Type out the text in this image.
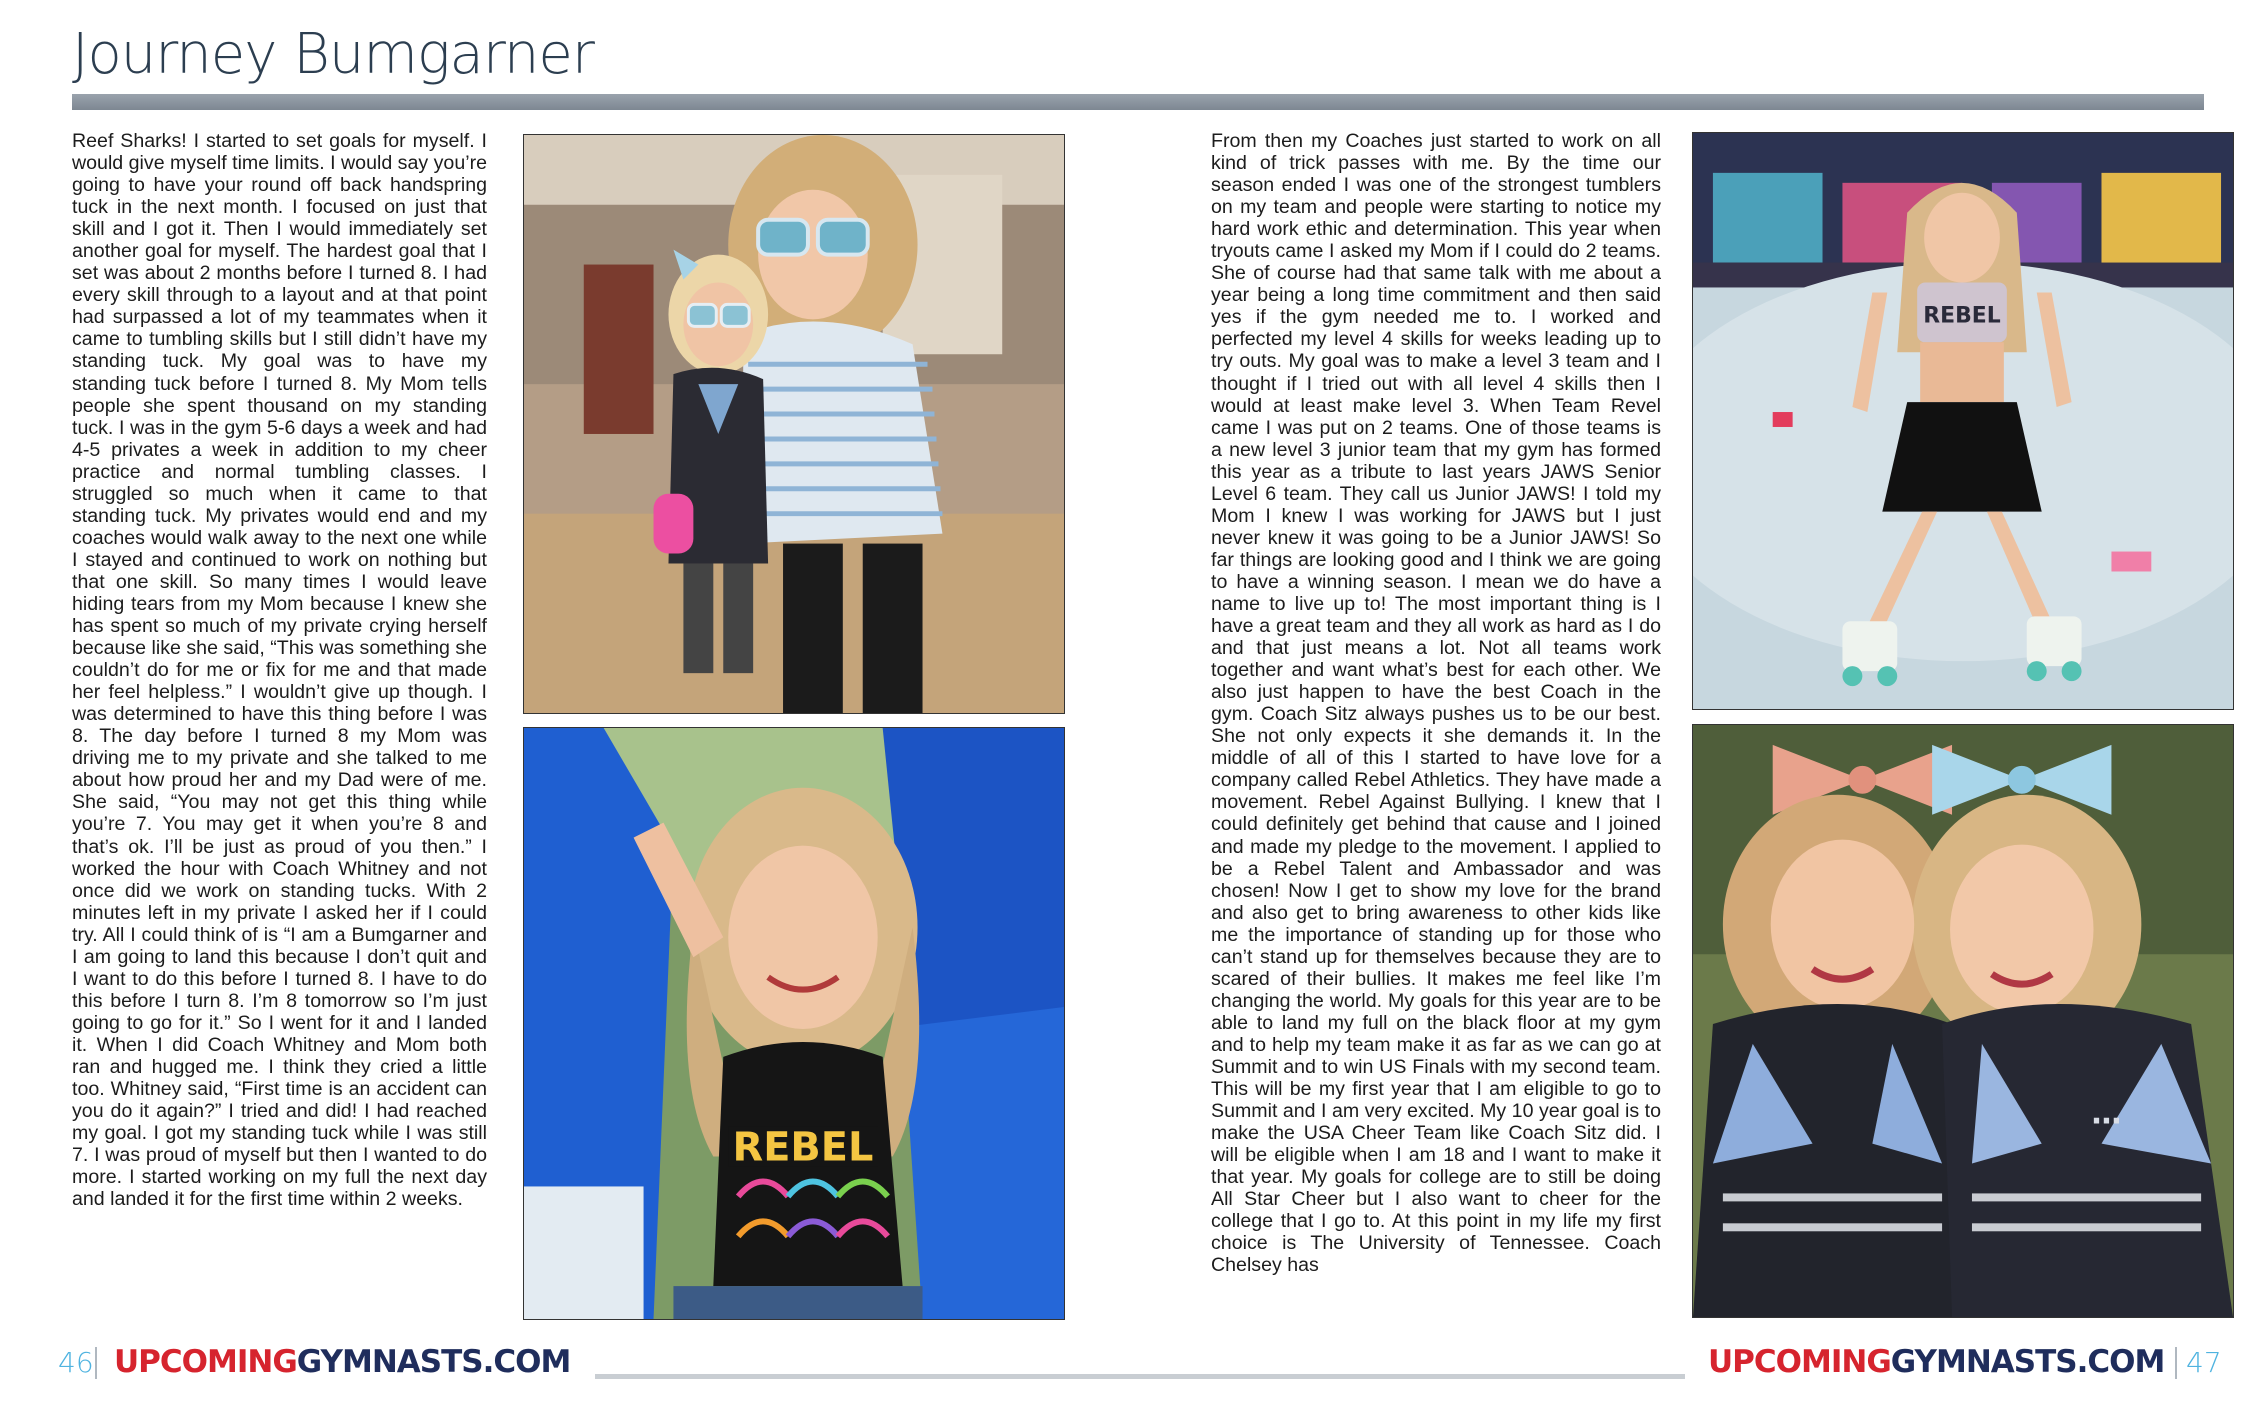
Journey Bumgarner

Reef Sharks! I started to set goals for myself. I would give myself time limits. I would say you’re going to have your round off back handspring tuck in the next month. I focused on just that skill and I got it. Then I would immediately set another goal for myself. The hardest goal that I set was about 2 months before I turned 8. I had every skill through to a layout and at that point had surpassed a lot of my teammates when it came to tumbling skills but I still didn’t have my standing tuck. My goal was to have my standing tuck before I turned 8. My Mom tells people she spent thousand on my standing tuck. I was in the gym 5-6 days a week and had 4-5 privates a week in addition to my cheer practice and normal tumbling classes. I struggled so much when it came to that standing tuck. My privates would end and my coaches would walk away to the next one while I stayed and continued to work on nothing but that one skill. So many times I would leave hiding tears from my Mom because I knew she has spent so much of my private crying herself because like she said, “This was something she couldn’t do for me or fix for me and that made her feel helpless.” I wouldn’t give up though. I was determined to have this thing before I was 8. The day before I turned 8 my Mom was driving me to my private and she talked to me about how proud her and my Dad were of me. She said, “You may not get this thing while you’re 7. You may get it when you’re 8 and that’s ok. I’ll be just as proud of you then.” I worked the hour with Coach Whitney and not once did we work on standing tucks. With 2 minutes left in my private I asked her if I could try. All I could think of is “I am a Bumgarner and I am going to land this because I don’t quit and I want to do this before I turned 8. I have to do this before I turn 8. I’m 8 tomorrow so I’m just going to go for it.” So I went for it and I landed it. When I did Coach Whitney and Mom both ran and hugged me. I think they cried a little too. Whitney said, “First time is an accident can you do it again?” I tried and did! I had reached my goal. I got my standing tuck while I was still 7. I was proud of myself but then I wanted to do more. I started working on my full the next day and landed it for the first time within 2 weeks.

From then my Coaches just started to work on all kind of trick passes with me. By the time our season ended I was one of the strongest tumblers on my team and people were starting to notice my hard work ethic and determination. This year when tryouts came I asked my Mom if I could do 2 teams. She of course had that same talk with me about a year being a long time commitment and then said yes if the gym needed me to. I worked and perfected my level 4 skills for weeks leading up to try outs. My goal was to make a level 3 team and I thought if I tried out with all level 4 skills then I would at least make level 3. When Team Revel came I was put on 2 teams. One of those teams is a new level 3 junior team that my gym has formed this year as a tribute to last years JAWS Senior Level 6 team. They call us Junior JAWS! I told my Mom I knew I was working for JAWS but I just never knew it was going to be a Junior JAWS! So far things are looking good and I think we are going to have a winning season. I mean we do have a name to live up to! The most important thing is I have a great team and they all work as hard as I do and that just means a lot. Not all teams work together and want what’s best for each other. We also just happen to have the best Coach in the gym. Coach Sitz always pushes us to be our best. She not only expects it she demands it. In the middle of all of this I started to have love for a company called Rebel Athletics. They have made a movement. Rebel Against Bullying. I knew that I could definitely get behind that cause and I joined and made my pledge to the movement. I applied to be a Rebel Talent and Ambassador and was chosen! Now I get to show my love for the brand and also get to bring awareness to other kids like me the importance of standing up for those who can’t stand up for themselves because they are to scared of their bullies. It makes me feel like I’m changing the world. My goals for this year are to be able to land my full on the black floor at my gym and to help my team make it as far as we can go at Summit and to win US Finals with my second team. This will be my first year that I am eligible to go to Summit and I am very excited. My 10 year goal is to make the USA Cheer Team like Coach Sitz did. I will be eligible when I am 18 and I want to make it that year. My goals for college are to still be doing All Star Cheer but I also want to cheer for the college that I go to. At this point in my life my first choice is The University of Tennessee. Coach Chelsey has

REBEL
REBEL
…
46 UPCOMINGGYMNASTS.COM	UPCOMINGGYMNASTS.COM 47
